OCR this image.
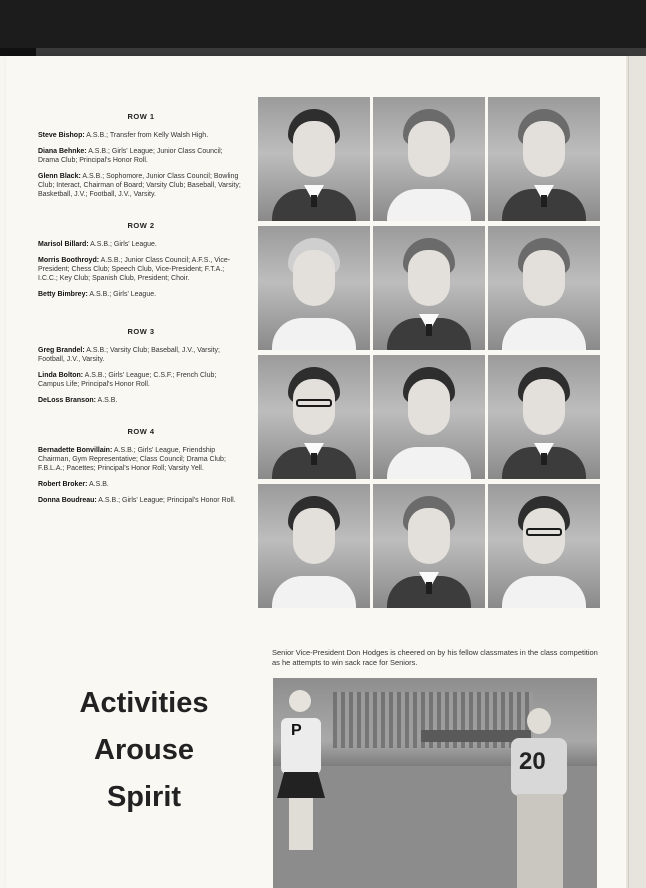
ROW 1

Steve Bishop: A.S.B.; Transfer from Kelly Walsh High.

Diana Behnke: A.S.B.; Girls' League; Junior Class Council; Drama Club; Principal's Honor Roll.

Glenn Black: A.S.B.; Sophomore, Junior Class Council; Bowling Club; Interact, Chairman of Board; Varsity Club; Baseball, Varsity; Basketball, J.V.; Football, J.V., Varsity.

ROW 2

Marisol Billard: A.S.B.; Girls' League.

Morris Boothroyd: A.S.B.; Junior Class Council; A.F.S., Vice-President; Chess Club; Speech Club, Vice-President; F.T.A.; I.C.C.; Key Club; Spanish Club, President; Choir.

Betty Bimbrey: A.S.B.; Girls' League.

ROW 3

Greg Brandel: A.S.B.; Varsity Club; Baseball, J.V., Varsity; Football, J.V., Varsity.

Linda Bolton: A.S.B.; Girls' League; C.S.F.; French Club; Campus Life; Principal's Honor Roll.

DeLoss Branson: A.S.B.

ROW 4

Bernadette Bonvillain: A.S.B.; Girls' League, Friendship Chairman, Gym Representative; Class Council; Drama Club; F.B.L.A.; Pacettes; Principal's Honor Roll; Varsity Yell.

Robert Broker: A.S.B.

Donna Boudreau: A.S.B.; Girls' League; Principal's Honor Roll.

Senior Vice-President Don Hodges is cheered on by his fellow classmates in the class competition as he attempts to win sack race for Seniors.
Activities
Arouse
Spirit
P
20
